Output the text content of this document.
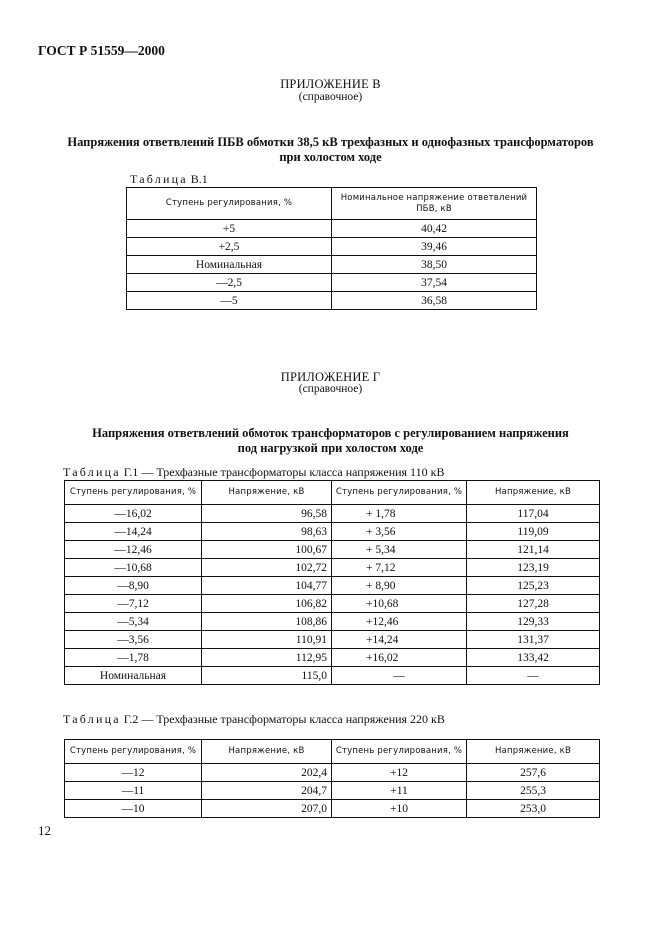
ГОСТ Р 51559—2000
ПРИЛОЖЕНИЕ В
(справочное)
Напряжения ответвлений ПБВ обмотки 38,5 кВ трехфазных и однофазных трансформаторов
при холостом ходе
Таблица В.1
Ступень регулирования, %	Номинальное напряжение ответвлений ПБВ, кВ
+5	40,42
+2,5	39,46
Номинальная	38,50
—2,5	37,54
—5	36,58
ПРИЛОЖЕНИЕ Г
(справочное)
Напряжения ответвлений обмоток трансформаторов с регулированием напряжения
под нагрузкой при холостом ходе
Таблица Г.1 — Трехфазные трансформаторы класса напряжения 110 кВ
Ступень регулирования, %	Напряжение, кВ	Ступень регулирования, %	Напряжение, кВ
—16,02	96,58	+ 1,78	117,04
—14,24	98,63	+ 3,56	119,09
—12,46	100,67	+ 5,34	121,14
—10,68	102,72	+ 7,12	123,19
—8,90	104,77	+ 8,90	125,23
—7,12	106,82	+10,68	127,28
—5,34	108,86	+12,46	129,33
—3,56	110,91	+14,24	131,37
—1,78	112,95	+16,02	133,42
Номинальная	115,0	—	—
Таблица Г.2 — Трехфазные трансформаторы класса напряжения 220 кВ
Ступень регулирования, %	Напряжение, кВ	Ступень регулирования, %	Напряжение, кВ
—12	202,4	+12	257,6
—11	204,7	+11	255,3
—10	207,0	+10	253,0
12
